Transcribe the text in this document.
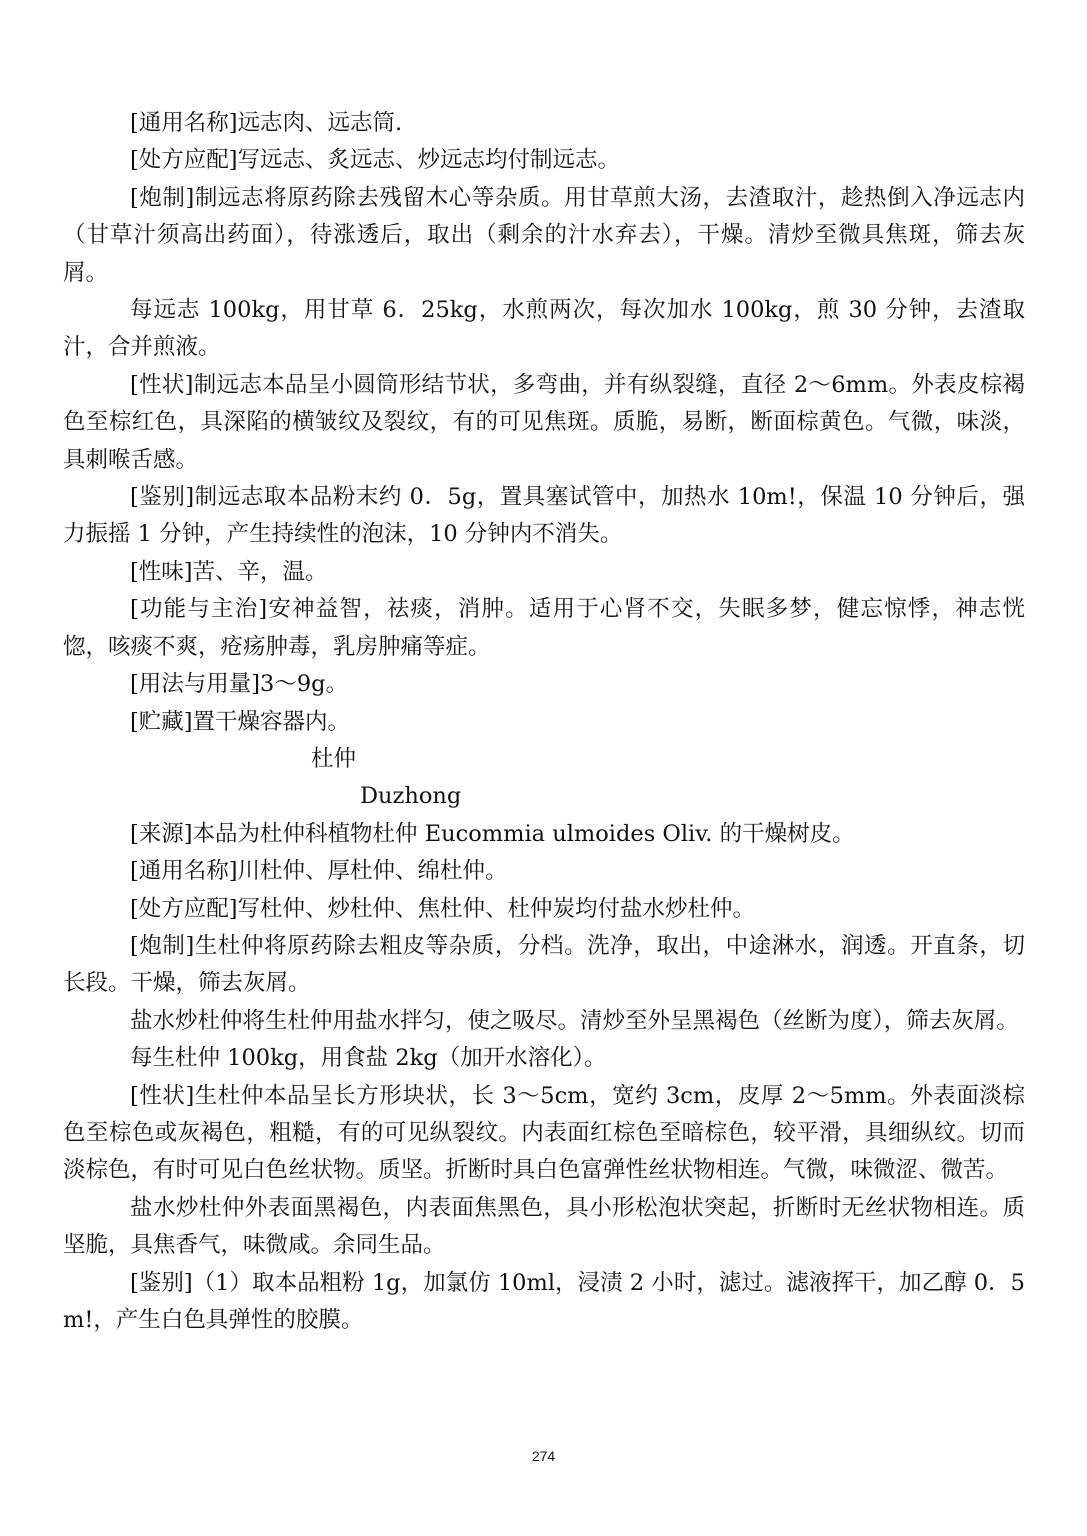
[通用名称]远志肉、远志筒.

[处方应配]写远志、炙远志、炒远志均付制远志。

[炮制]制远志将原药除去残留木心等杂质。用甘草煎大汤，去渣取汁，趁热倒入净远志内（甘草汁须高出药面），待涨透后，取出（剩余的汁水弃去），干燥。清炒至微具焦斑，筛去灰屑。

每远志 100kg，用甘草 6．25kg，水煎两次，每次加水 100kg，煎 30 分钟，去渣取汁，合并煎液。

[性状]制远志本品呈小圆筒形结节状，多弯曲，并有纵裂缝，直径 2～6mm。外表皮棕褐色至棕红色，具深陷的横皱纹及裂纹，有的可见焦斑。质脆，易断，断面棕黄色。气微，味淡，具刺喉舌感。

[鉴别]制远志取本品粉末约 0．5g，置具塞试管中，加热水 10m!，保温 10 分钟后，强力振摇 1 分钟，产生持续性的泡沫，10 分钟内不消失。

[性味]苦、辛，温。

[功能与主治]安神益智，祛痰，消肿。适用于心肾不交，失眠多梦，健忘惊悸，神志恍惚，咳痰不爽，疮疡肿毒，乳房肿痛等症。

[用法与用量]3～9g。

[贮藏]置干燥容器内。

杜仲

Duzhong

[来源]本品为杜仲科植物杜仲 Eucommia ulmoides Oliv. 的干燥树皮。

[通用名称]川杜仲、厚杜仲、绵杜仲。

[处方应配]写杜仲、炒杜仲、焦杜仲、杜仲炭均付盐水炒杜仲。

[炮制]生杜仲将原药除去粗皮等杂质，分档。洗净，取出，中途淋水，润透。开直条，切长段。干燥，筛去灰屑。

盐水炒杜仲将生杜仲用盐水拌匀，使之吸尽。清炒至外呈黑褐色（丝断为度），筛去灰屑。

每生杜仲 100kg，用食盐 2kg（加开水溶化）。

[性状]生杜仲本品呈长方形块状，长 3～5cm，宽约 3cm，皮厚 2～5mm。外表面淡棕色至棕色或灰褐色，粗糙，有的可见纵裂纹。内表面红棕色至暗棕色，较平滑，具细纵纹。切而淡棕色，有时可见白色丝状物。质坚。折断时具白色富弹性丝状物相连。气微，味微涩、微苦。

盐水炒杜仲外表面黑褐色，内表面焦黑色，具小形松泡状突起，折断时无丝状物相连。质坚脆，具焦香气，味微咸。余同生品。

[鉴别]（1）取本品粗粉 1g，加氯仿 10ml，浸渍 2 小时，滤过。滤液挥干，加乙醇 0．5m!，产生白色具弹性的胶膜。

274
